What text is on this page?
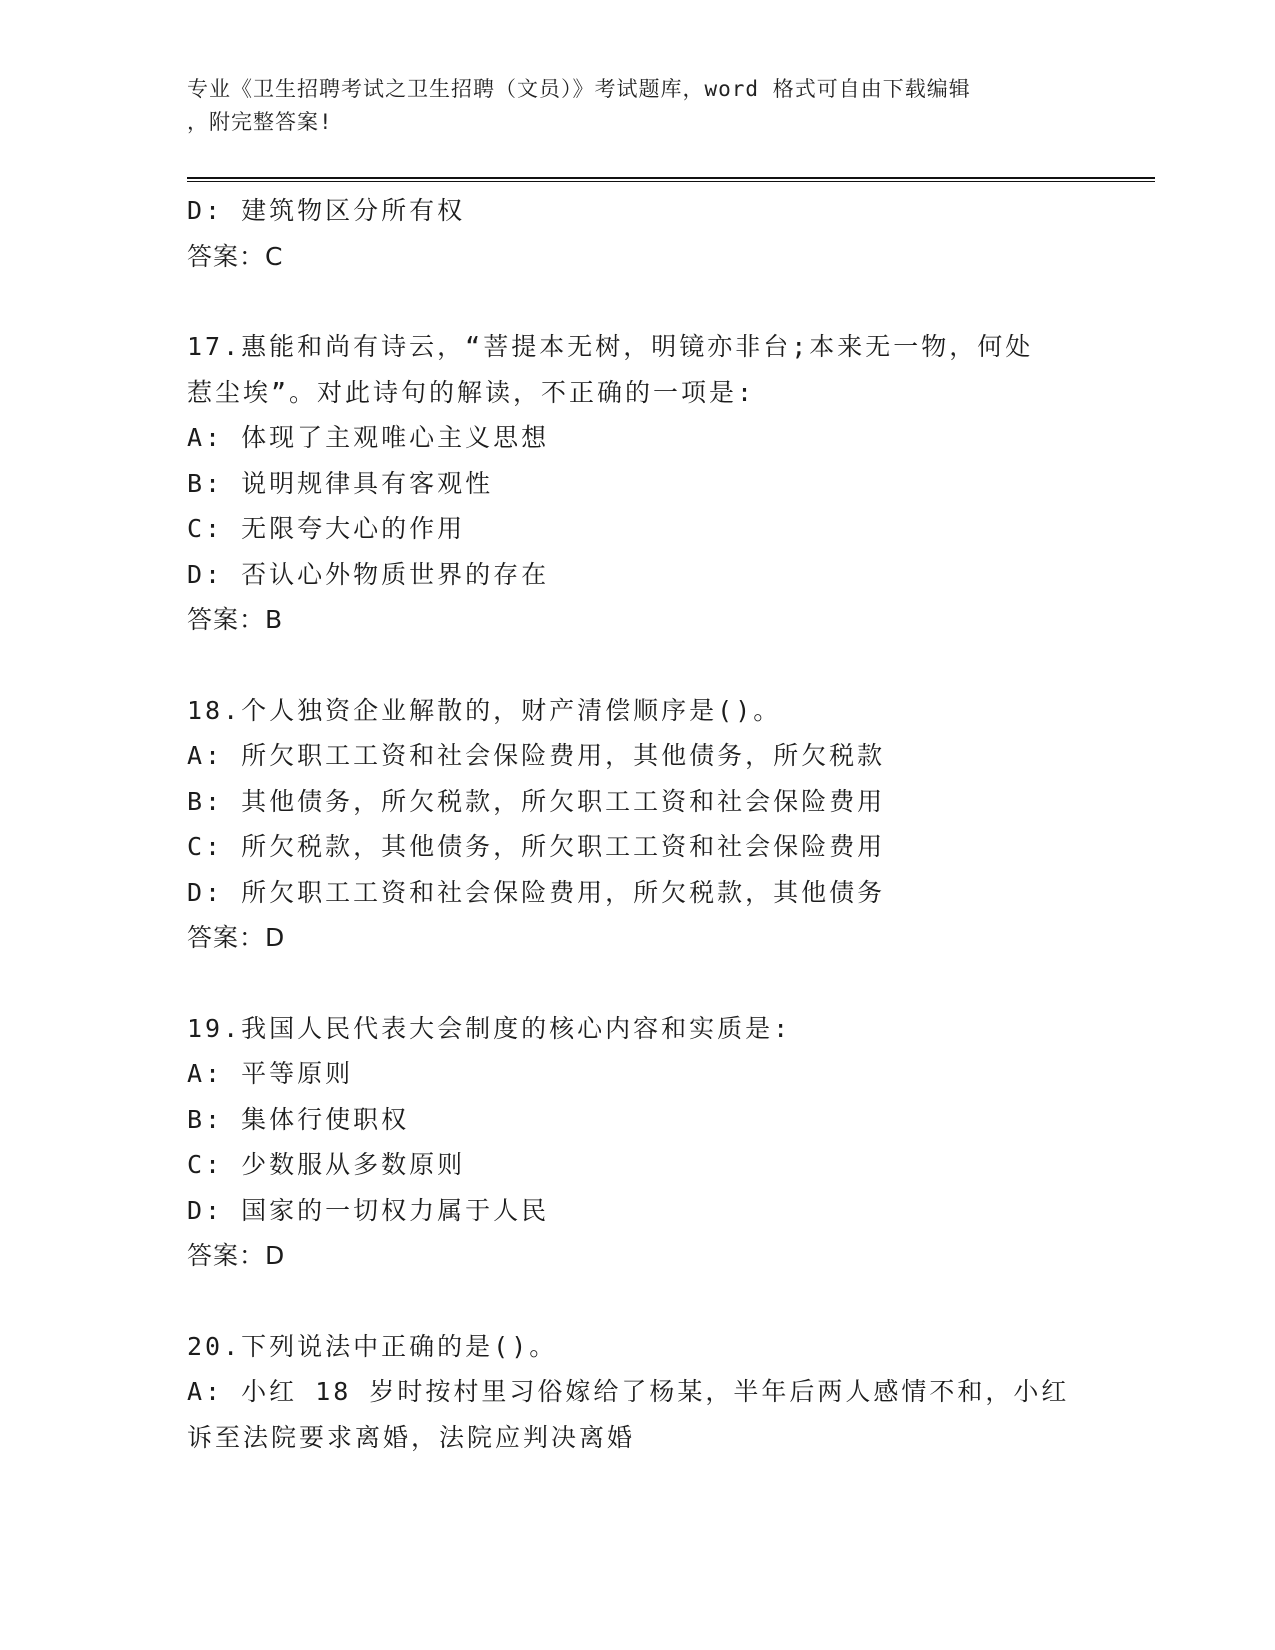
专业《卫生招聘考试之卫生招聘（文员）》考试题库，word 格式可自由下载编辑
，附完整答案!
D: 建筑物区分所有权
答案：C
17.惠能和尚有诗云，“菩提本无树，明镜亦非台;本来无一物，何处
惹尘埃”。对此诗句的解读，不正确的一项是:
A: 体现了主观唯心主义思想
B: 说明规律具有客观性
C: 无限夸大心的作用
D: 否认心外物质世界的存在
答案：B
18.个人独资企业解散的，财产清偿顺序是()。
A: 所欠职工工资和社会保险费用，其他债务，所欠税款
B: 其他债务，所欠税款，所欠职工工资和社会保险费用
C: 所欠税款，其他债务，所欠职工工资和社会保险费用
D: 所欠职工工资和社会保险费用，所欠税款，其他债务
答案：D
19.我国人民代表大会制度的核心内容和实质是:
A: 平等原则
B: 集体行使职权
C: 少数服从多数原则
D: 国家的一切权力属于人民
答案：D
20.下列说法中正确的是()。
A: 小红 18 岁时按村里习俗嫁给了杨某，半年后两人感情不和，小红
诉至法院要求离婚，法院应判决离婚
